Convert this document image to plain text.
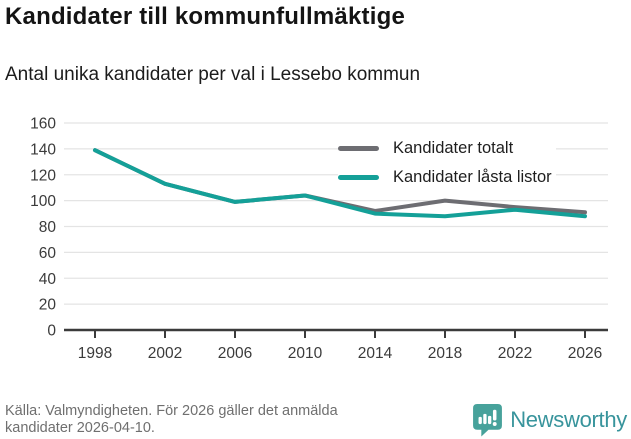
Kandidater till kommunfullmäktige
Antal unika kandidater per val i Lessebo kommun
0
20
40
60
80
100
120
140
160
1998 2002 2006 2010 2014 2018 2022 2026
Kandidater totalt
Kandidater låsta listor
Källa: Valmyndigheten. För 2026 gäller det anmälda kandidater 2026-04-10.	Newsworthy
